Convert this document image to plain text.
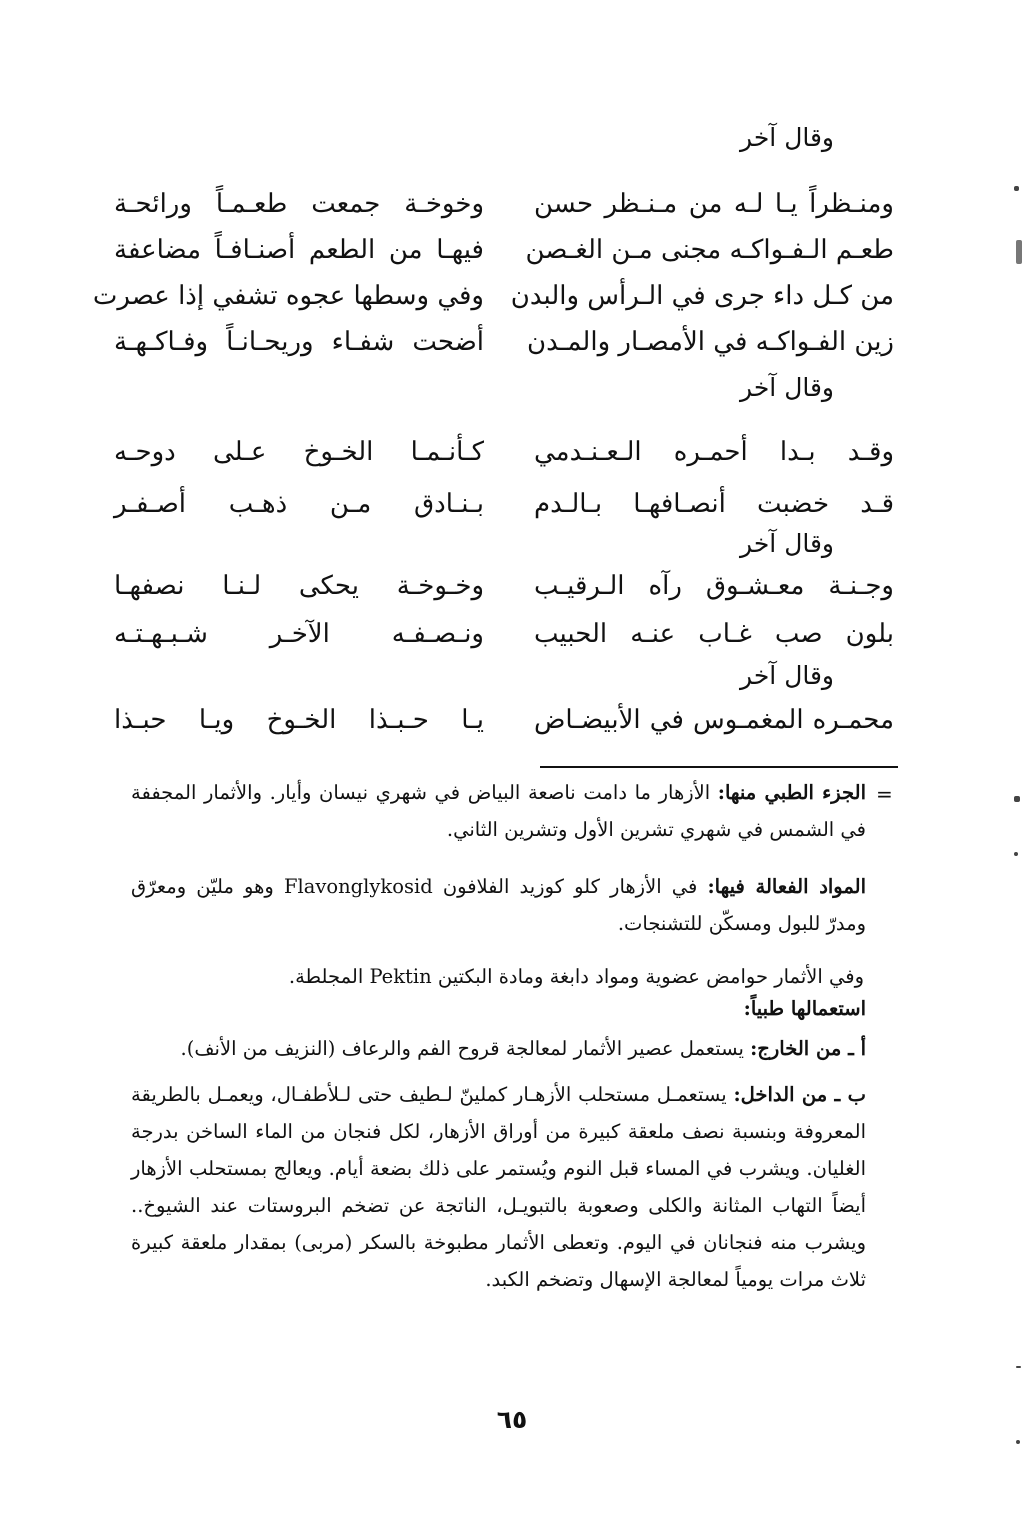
وقال آخر
وخوخـة جمعت طعـمـاً ورائحـة ومنـظراً يـا لـه من مـنـظر حسن
فيهـا من الطعم أصنـافـاً مضاعفة طعـم الـفـواكـه مجنى مـن الغـصن
وفي وسطها عجوه تشفي إذا عصرت من كـل داء جرى في الـرأس والبدن
أضحت شفـاء وريحـانـاً وفـاكـهـة زين الفـواكـه في الأمصـار والمـدن
وقال آخر
كـأنـمـا الخـوخ عـلى دوحـه وقـد بـدا أحمـره الـعـنـدمي
بـنـادق مـن ذهـب أصـفـر قـد خضبت أنصـافهـا بـالـدم
وقال آخر
وخـوخـة يحكى لـنـا نصفهـا وجـنـة معـشـوق رآه الـرقيـب
ونـصـفـه الآخـر شـبـهـتـه بلون صب غـاب عنـه الحبيب
وقال آخر
يـا حـبـذا الخـوخ ويـا حبـذا محمـره المغمـوس في الأبيضـاض
=

الجزء الطبي منها: الأزهار ما دامت ناصعة البياض في شهري نيسان وأيار. والأثمار المجففة في الشمس في شهري تشرين الأول وتشرين الثاني.

المواد الفعالة فيها: في الأزهار كلو كوزيد الفلافون Flavonglykosid وهو مليّن ومعرّق ومدرّ للبول ومسكّن للتشنجات.

وفي الأثمار حوامض عضوية ومواد دابغة ومادة البكتين Pektin المجلطة.

استعمالها طبياً:

أ ـ من الخارج: يستعمل عصير الأثمار لمعالجة قروح الفم والرعاف (النزيف من الأنف).

ب ـ من الداخل: يستعمـل مستحلب الأزهـار كملينّ لـطيف حتى لـلأطفـال، ويعمـل بالطريقة المعروفة وبنسبة نصف ملعقة كبيرة من أوراق الأزهار، لكل فنجان من الماء الساخن بدرجة الغليان. ويشرب في المساء قبل النوم ويُستمر على ذلك بضعة أيام. ويعالج بمستحلب الأزهار أيضاً التهاب المثانة والكلى وصعوبة بالتبويـل، الناتجة عن تضخم البروستات عند الشيوخ.. ويشرب منه فنجانان في اليوم. وتعطى الأثمار مطبوخة بالسكر (مربى) بمقدار ملعقة كبيرة ثلاث مرات يومياً لمعالجة الإسهال وتضخم الكبد.

٦٥
